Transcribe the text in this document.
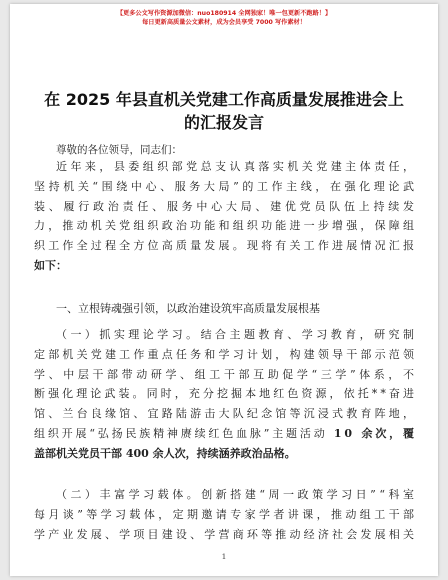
【更多公文写作资源加微信：nuo180914 全网独家！唯一包更新不跑路！】
每日更新高质量公文素材，成为会员享受 7000 写作素材！
在 2025 年县直机关党建工作高质量发展推进会上的汇报发言
尊敬的各位领导，同志们：
近年来，县委组织部党总支认真落实机关党建主体责任，
坚持机关“围绕中心、服务大局”的工作主线，在强化理论武
装、履行政治责任、服务中心大局、建优党员队伍上持续发
力，推动机关党组织政治功能和组织功能进一步增强，保障组
织工作全过程全方位高质量发展。现将有关工作进展情况汇报
如下：
一、立根铸魂强引领，以政治建设筑牢高质量发展根基
（一）抓实理论学习。结合主题教育、学习教育，研究制
定部机关党建工作重点任务和学习计划，构建领导干部示范领
学、中层干部带动研学、组工干部互助促学“三学”体系，不
断强化理论武装。同时，充分挖掘本地红色资源，依托**奋进
馆、兰台良缘馆、宜路陆游击大队纪念馆等沉浸式教育阵地，
组织开展“弘扬民族精神赓续红色血脉”主题活动 10 余次，覆
盖部机关党员干部 400 余人次，持续涵养政治品格。
（二）丰富学习载体。创新搭建“周一政策学习日”“科室
每月谈”等学习载体，定期邀请专家学者讲课，推动组工干部
学产业发展、学项目建设、学营商环等推动经济社会发展相关
1
